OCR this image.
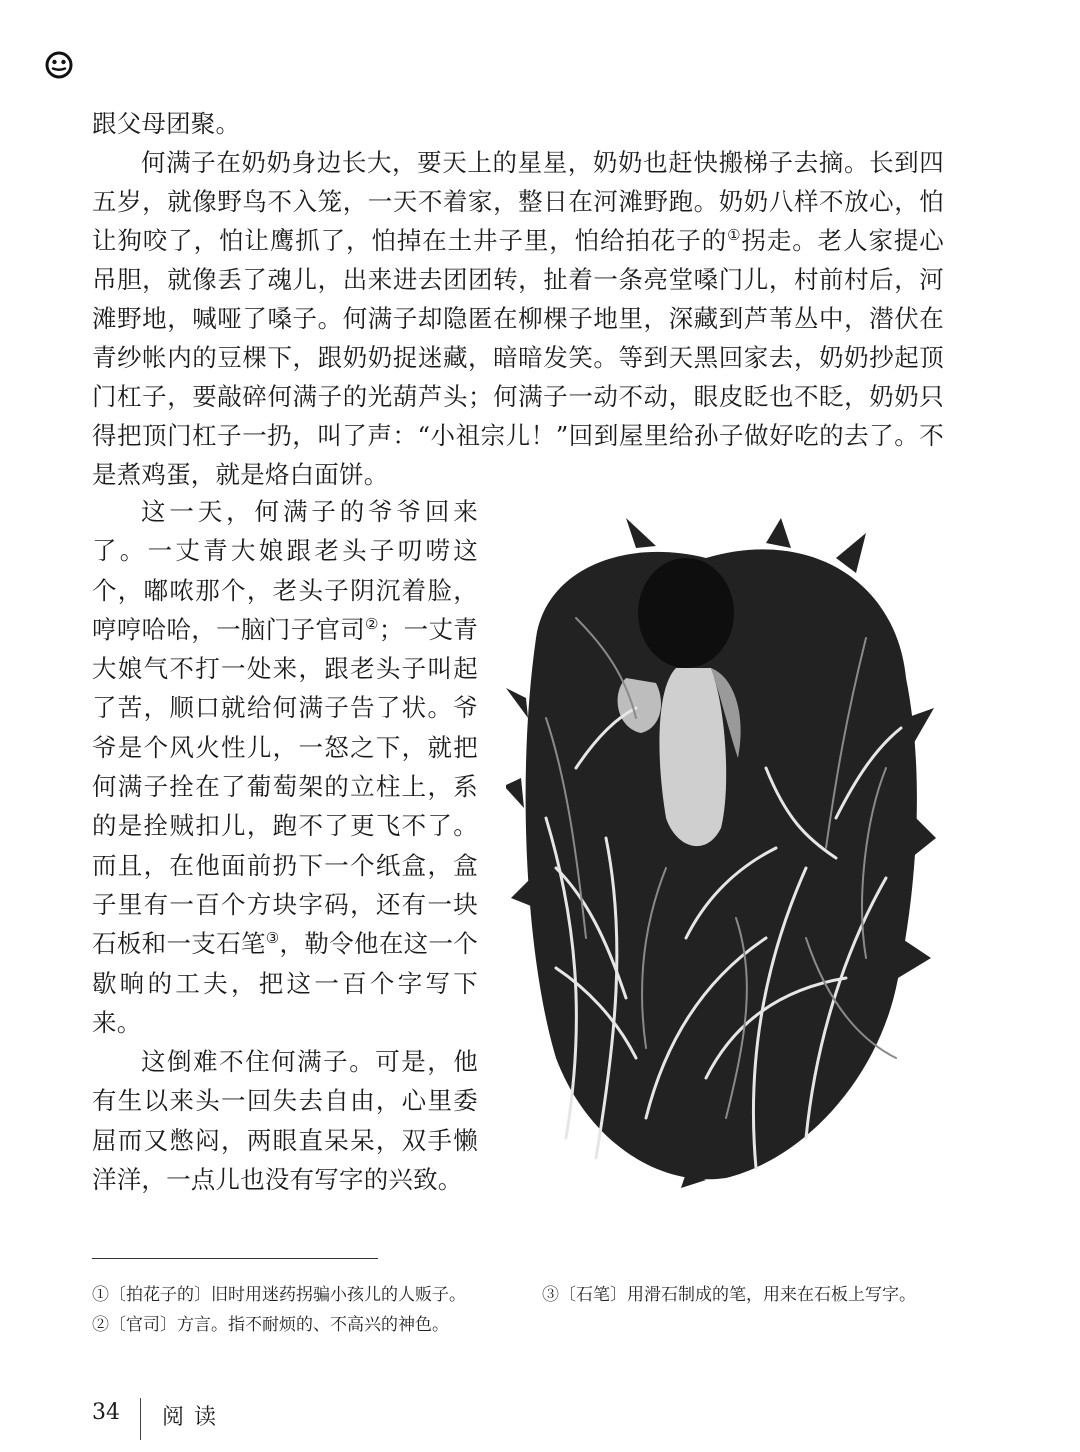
跟父母团聚。

何满子在奶奶身边长大，要天上的星星，奶奶也赶快搬梯子去摘。长到四五岁，就像野鸟不入笼，一天不着家，整日在河滩野跑。奶奶八样不放心，怕让狗咬了，怕让鹰抓了，怕掉在土井子里，怕给拍花子的①拐走。老人家提心吊胆，就像丢了魂儿，出来进去团团转，扯着一条亮堂嗓门儿，村前村后，河滩野地，喊哑了嗓子。何满子却隐匿在柳棵子地里，深藏到芦苇丛中，潜伏在青纱帐内的豆棵下，跟奶奶捉迷藏，暗暗发笑。等到天黑回家去，奶奶抄起顶门杠子，要敲碎何满子的光葫芦头；何满子一动不动，眼皮眨也不眨，奶奶只得把顶门杠子一扔，叫了声：“小祖宗儿！”回到屋里给孙子做好吃的去了。不是煮鸡蛋，就是烙白面饼。

这一天，何满子的爷爷回来了。一丈青大娘跟老头子叨唠这个，嘟哝那个，老头子阴沉着脸，哼哼哈哈，一脑门子官司②；一丈青大娘气不打一处来，跟老头子叫起了苦，顺口就给何满子告了状。爷爷是个风火性儿，一怒之下，就把何满子拴在了葡萄架的立柱上，系的是拴贼扣儿，跑不了更飞不了。而且，在他面前扔下一个纸盒，盒子里有一百个方块字码，还有一块石板和一支石笔③，勒令他在这一个歇晌的工夫，把这一百个字写下来。

这倒难不住何满子。可是，他有生以来头一回失去自由，心里委屈而又憋闷，两眼直呆呆，双手懒洋洋，一点儿也没有写字的兴致。

①〔拍花子的〕旧时用迷药拐骗小孩儿的人贩子。
②〔官司〕方言。指不耐烦的、不高兴的神色。
③〔石笔〕用滑石制成的笔，用来在石板上写字。
34 阅读
